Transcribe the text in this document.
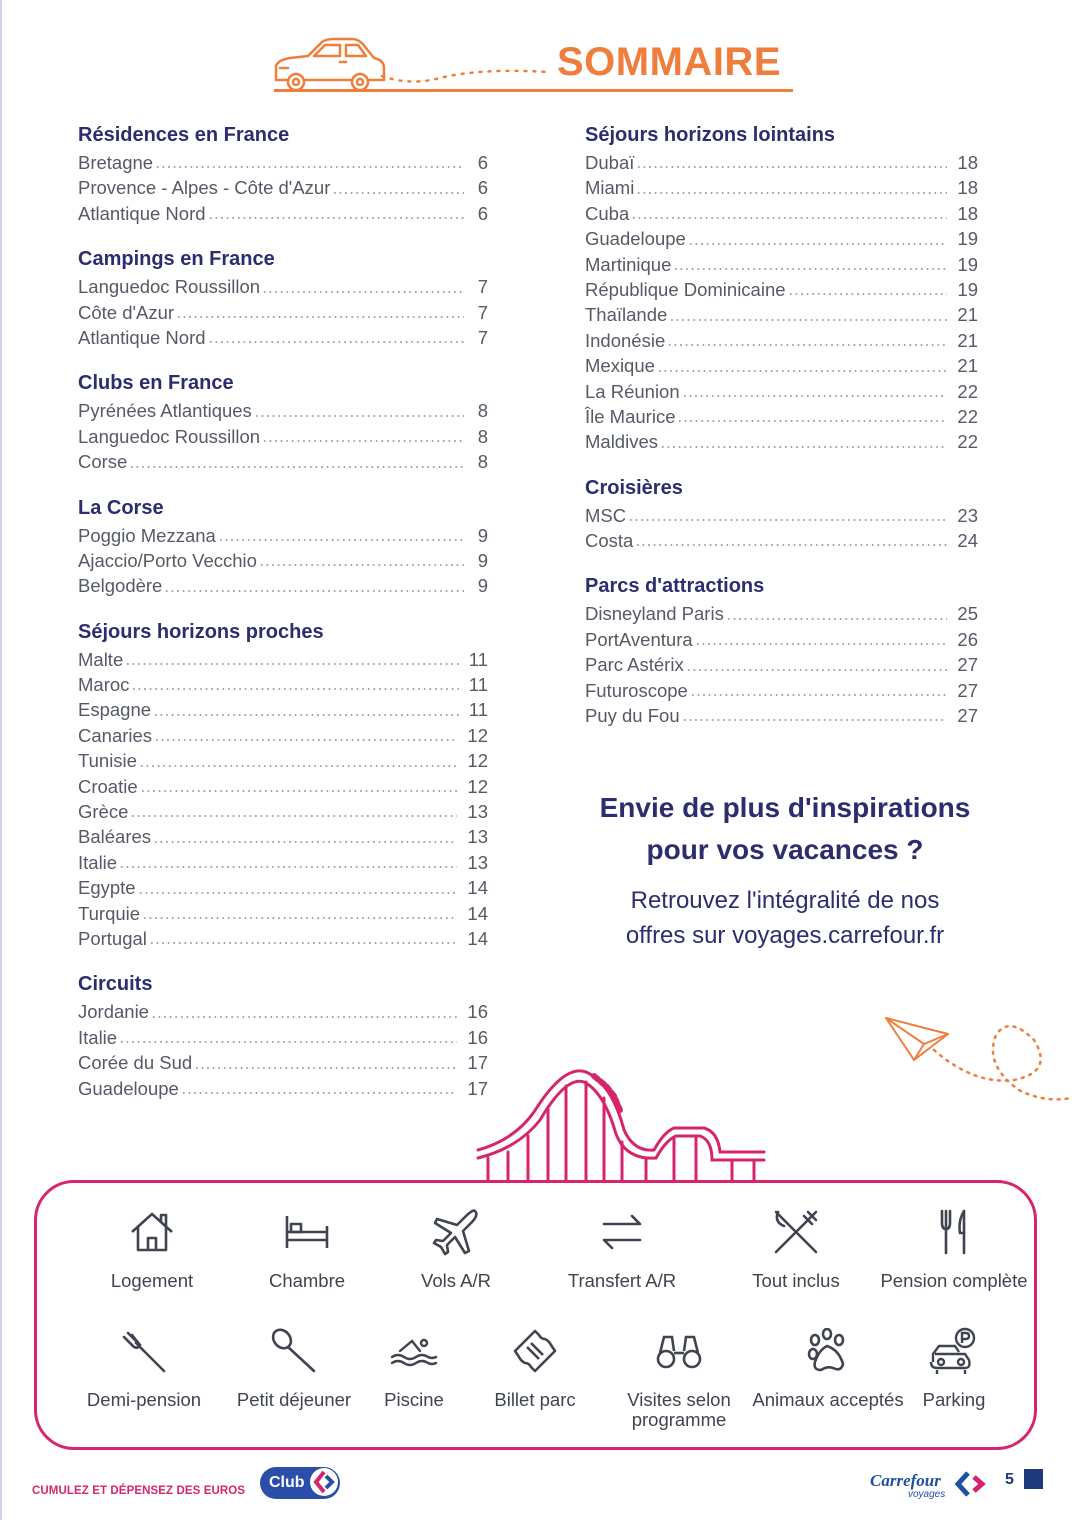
SOMMAIRE
Résidences en France
Bretagne	6
Provence - Alpes - Côte d'Azur	6
Atlantique Nord	6
Campings en France
Languedoc Roussillon	7
Côte d'Azur	7
Atlantique Nord	7
Clubs en France
Pyrénées Atlantiques	8
Languedoc Roussillon	8
Corse	8
La Corse
Poggio Mezzana	9
Ajaccio/Porto Vecchio	9
Belgodère	9
Séjours horizons proches
Malte	11
Maroc	11
Espagne	11
Canaries	12
Tunisie	12
Croatie	12
Grèce	13
Baléares	13
Italie	13
Egypte	14
Turquie	14
Portugal	14
Circuits
Jordanie	16
Italie	16
Corée du Sud	17
Guadeloupe	17
Séjours horizons lointains
Dubaï	18
Miami	18
Cuba	18
Guadeloupe	19
Martinique	19
République Dominicaine	19
Thaïlande	21
Indonésie	21
Mexique	21
La Réunion	22
Île Maurice	22
Maldives	22
Croisières
MSC	23
Costa	24
Parcs d'attractions
Disneyland Paris	25
PortAventura	26
Parc Astérix	27
Futuroscope	27
Puy du Fou	27
Envie de plus d'inspirations
pour vos vacances ?
Retrouvez l'intégralité de nos
offres sur voyages.carrefour.fr
Logement	Chambre	Vols A/R	Transfert A/R	Tout inclus	Pension complète
Demi-pension	Petit déjeuner	Piscine	Billet parc	Visites selon programme
Animaux acceptés	Parking
CUMULEZ ET DÉPENSEZ DES EUROS Club	Carrefour
voyages
5
